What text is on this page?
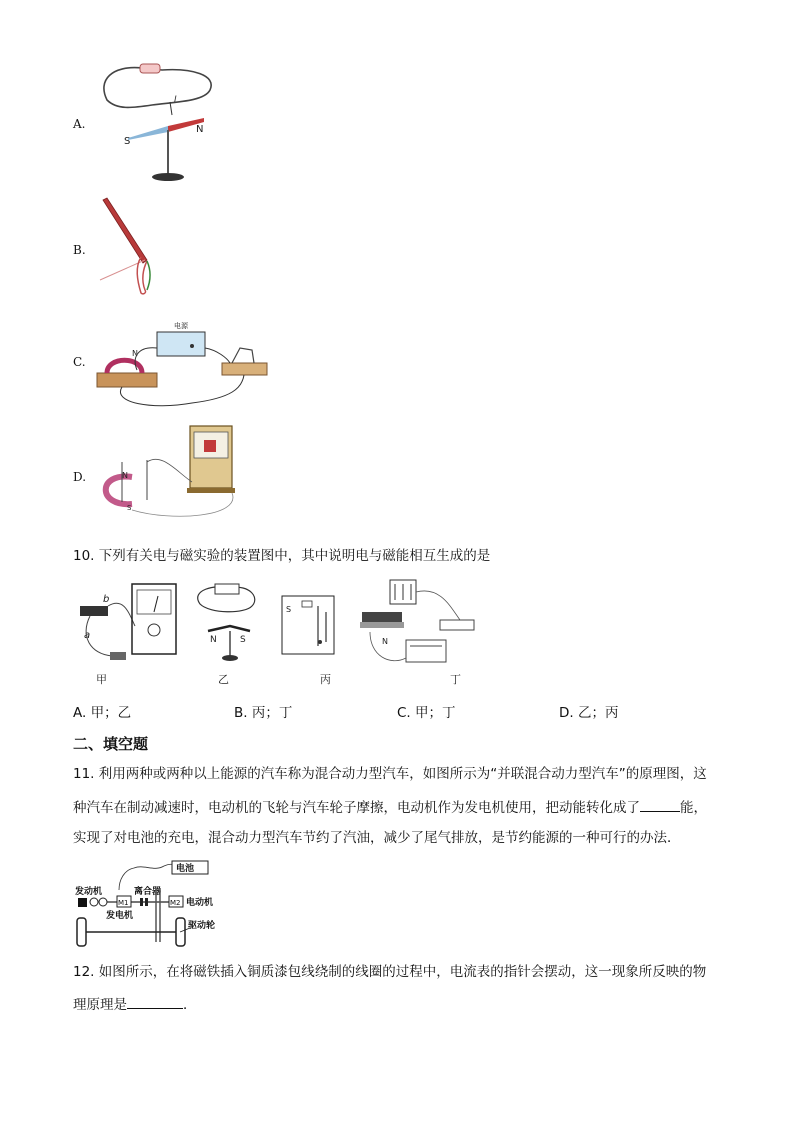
A.
I
S
N
B.
C.
电源
N
D.	N
S
10. 下列有关电与磁实验的装置图中，其中说明电与磁能相互生成的是
b
a
甲
N	S
乙
S
丙
N
丁
A. 甲；乙	B. 丙；丁	C. 甲；丁	D. 乙；丙
二、填空题
11. 利用两种或两种以上能源的汽车称为混合动力型汽车，如图所示为“并联混合动力型汽车”的原理图，这
种汽车在制动减速时，电动机的飞轮与汽车轮子摩擦，电动机作为发电机使用，把动能转化成了	能，
实现了对电池的充电，混合动力型汽车节约了汽油，减少了尾气排放，是节约能源的一种可行的办法．
电池
发动机	离合器
M1	M2 电动机
发电机
驱动轮
12. 如图所示，在将磁铁插入铜质漆包线绕制的线圈的过程中，电流表的指针会摆动，这一现象所反映的物
理原理是	．
